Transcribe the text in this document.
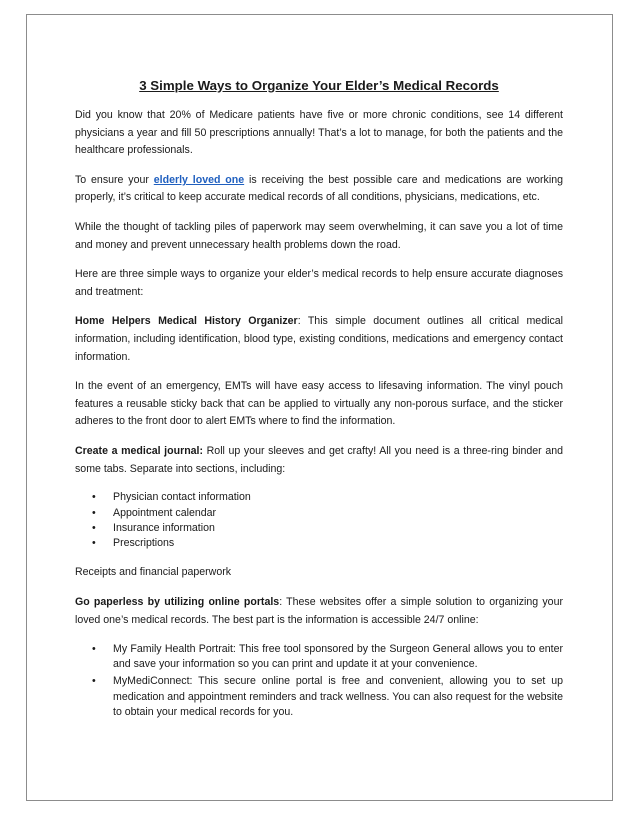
3 Simple Ways to Organize Your Elder’s Medical Records

Did you know that 20% of Medicare patients have five or more chronic conditions, see 14 different physicians a year and fill 50 prescriptions annually! That’s a lot to manage, for both the patients and the healthcare professionals.

To ensure your elderly loved one is receiving the best possible care and medications are working properly, it’s critical to keep accurate medical records of all conditions, physicians, medications, etc.

While the thought of tackling piles of paperwork may seem overwhelming, it can save you a lot of time and money and prevent unnecessary health problems down the road.

Here are three simple ways to organize your elder’s medical records to help ensure accurate diagnoses and treatment:

Home Helpers Medical History Organizer: This simple document outlines all critical medical information, including identification, blood type, existing conditions, medications and emergency contact information.

In the event of an emergency, EMTs will have easy access to lifesaving information. The vinyl pouch features a reusable sticky back that can be applied to virtually any non-porous surface, and the sticker adheres to the front door to alert EMTs where to find the information.

Create a medical journal: Roll up your sleeves and get crafty! All you need is a three-ring binder and some tabs. Separate into sections, including:

• Physician contact information
• Appointment calendar
• Insurance information
• Prescriptions

Receipts and financial paperwork

Go paperless by utilizing online portals: These websites offer a simple solution to organizing your loved one’s medical records. The best part is the information is accessible 24/7 online:

• My Family Health Portrait: This free tool sponsored by the Surgeon General allows you to enter and save your information so you can print and update it at your convenience.
• MyMediConnect: This secure online portal is free and convenient, allowing you to set up medication and appointment reminders and track wellness. You can also request for the website to obtain your medical records for you.
